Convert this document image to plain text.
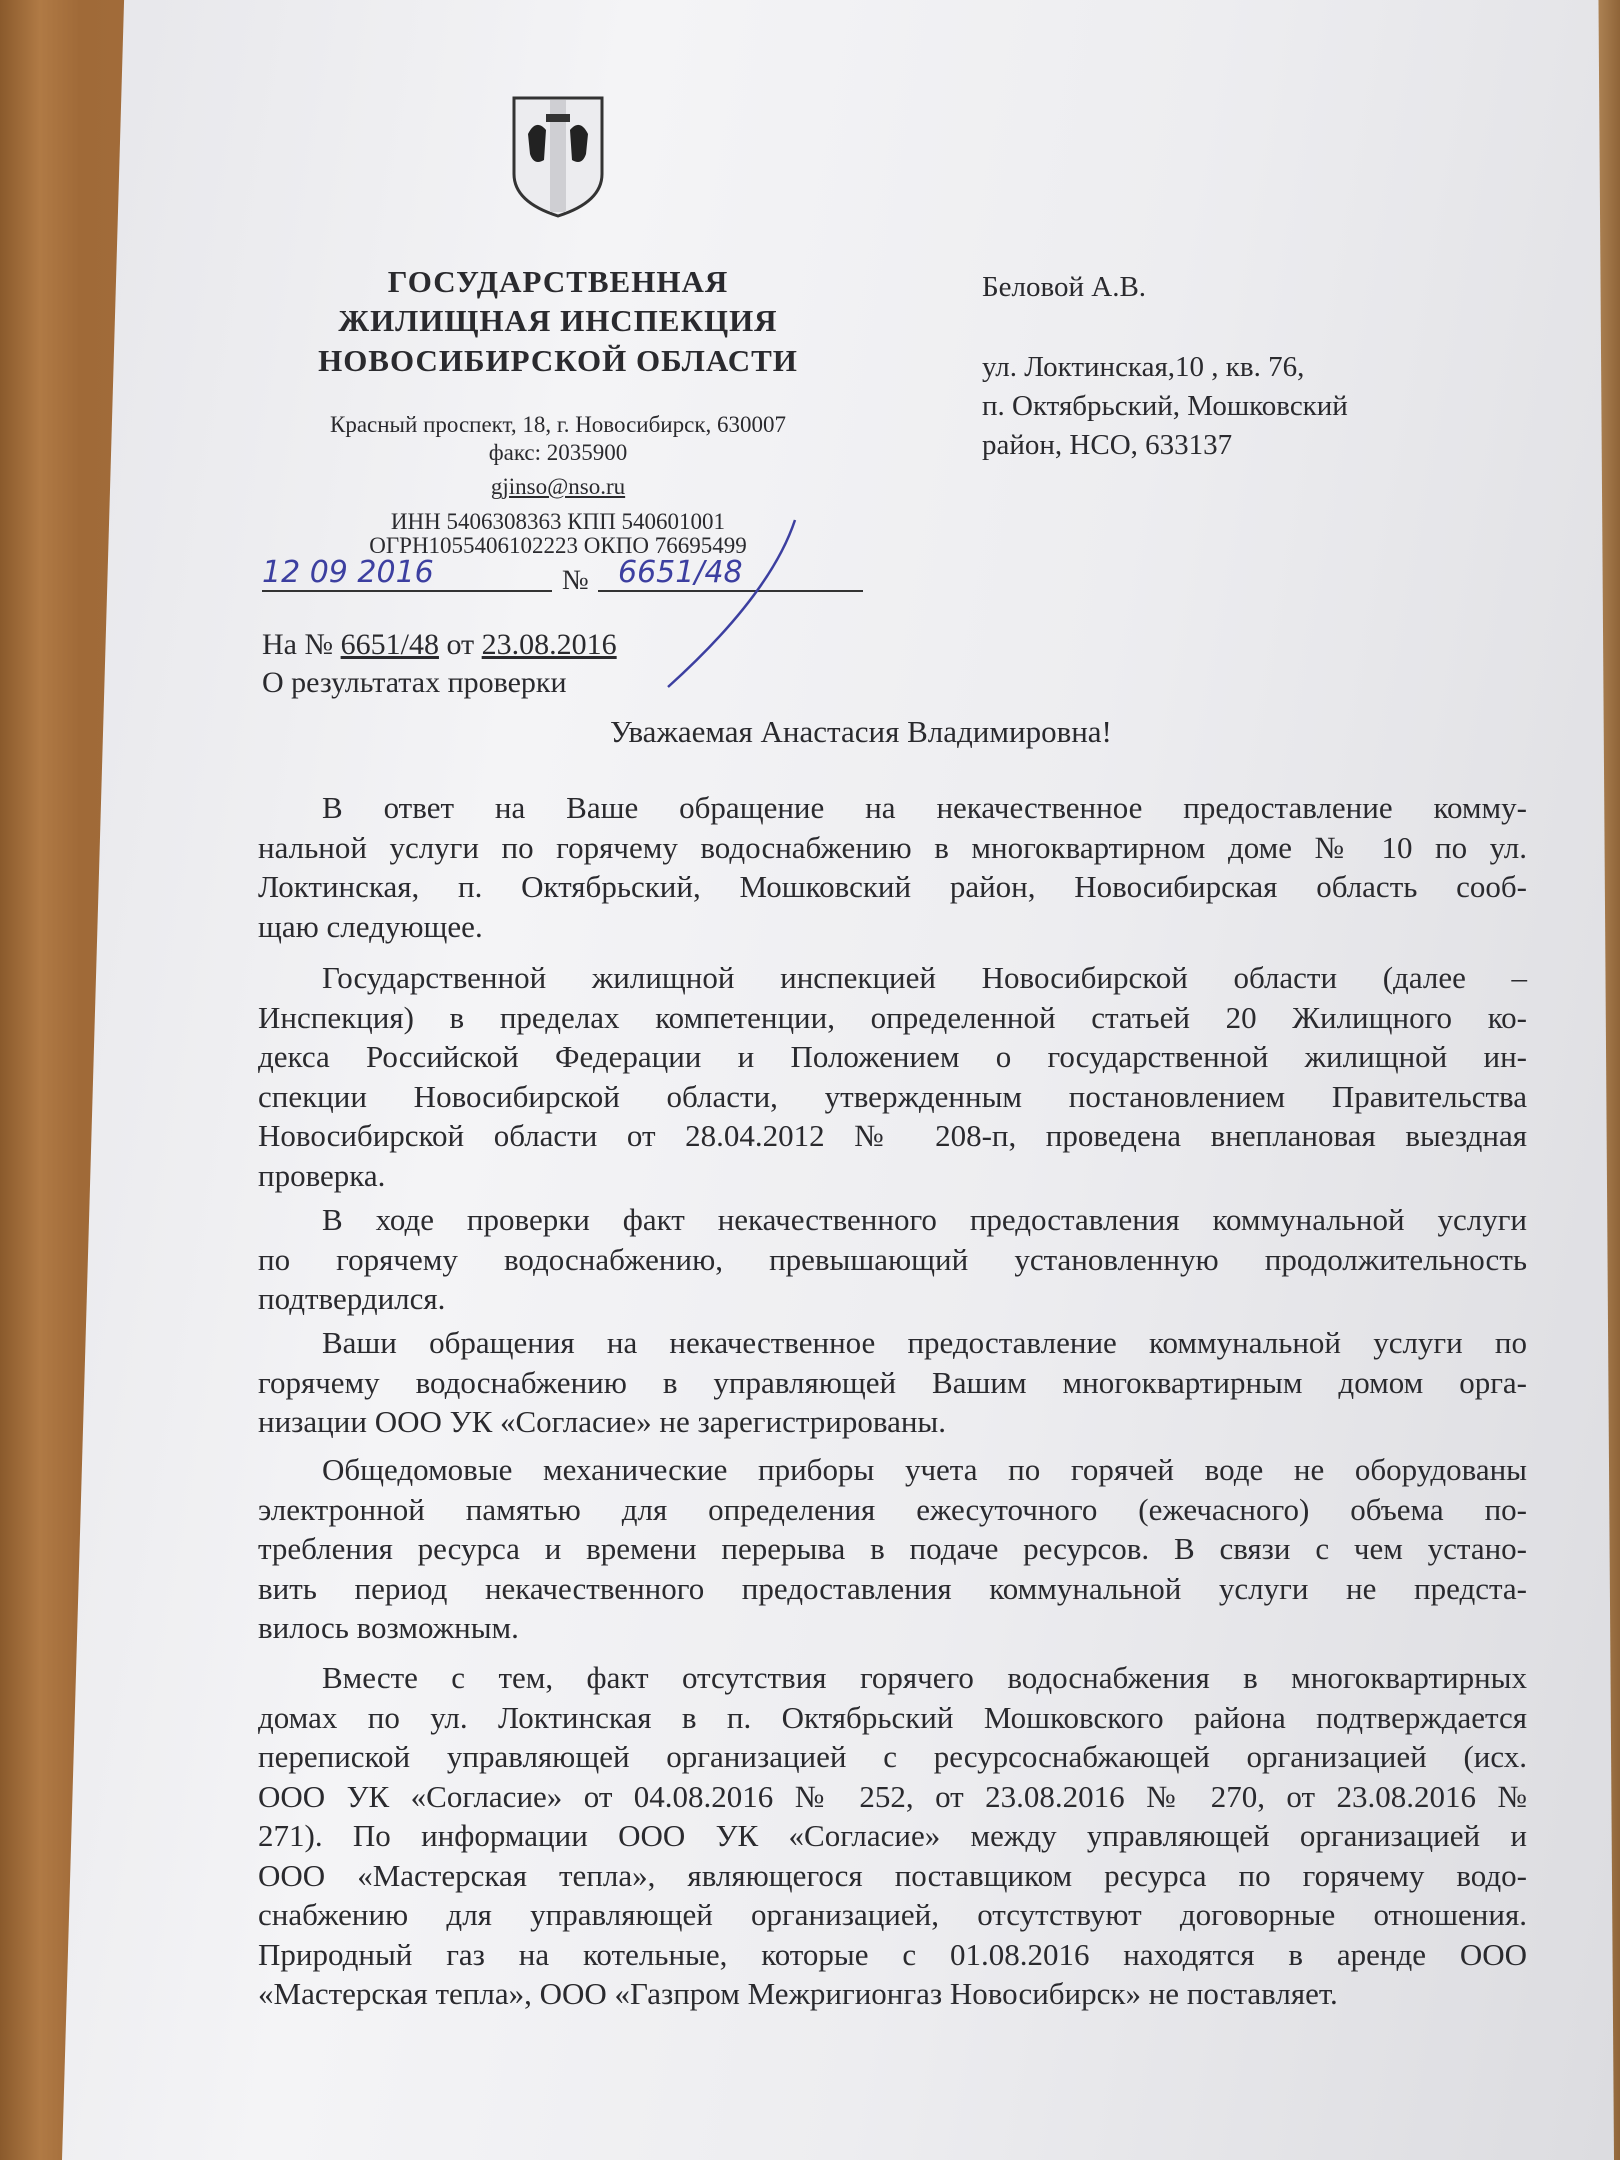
ГОСУДАРСТВЕННАЯ
ЖИЛИЩНАЯ ИНСПЕКЦИЯ
НОВОСИБИРСКОЙ ОБЛАСТИ
Красный проспект, 18, г. Новосибирск, 630007
факс: 2035900
gjinso@nso.ru
ИНН 5406308363 КПП 540601001
ОГРН1055406102223 ОКПО 76695499
12 09 2016	№ 6651/48
На № 6651/48 от 23.08.2016
О результатах проверки
Беловой А.В.
ул. Локтинская,10 , кв. 76,
п. Октябрьский, Мошковский
район, НСО, 633137
Уважаемая Анастасия Владимировна!
В ответ на Ваше обращение на некачественное предоставление комму-
нальной услуги по горячему водоснабжению в многоквартирном доме № 10 по ул.
Локтинская, п. Октябрьский, Мошковский район, Новосибирская область сооб-
щаю следующее.
Государственной жилищной инспекцией Новосибирской области (далее –
Инспекция) в пределах компетенции, определенной статьей 20 Жилищного ко-
декса Российской Федерации и Положением о государственной жилищной ин-
спекции Новосибирской области, утвержденным постановлением Правительства
Новосибирской области от 28.04.2012 № 208-п, проведена внеплановая выездная
проверка.
В ходе проверки факт некачественного предоставления коммунальной услуги
по горячему водоснабжению, превышающий установленную продолжительность
подтвердился.
Ваши обращения на некачественное предоставление коммунальной услуги по
горячему водоснабжению в управляющей Вашим многоквартирным домом орга-
низации ООО УК «Согласие» не зарегистрированы.
Общедомовые механические приборы учета по горячей воде не оборудованы
электронной памятью для определения ежесуточного (ежечасного) объема по-
требления ресурса и времени перерыва в подаче ресурсов. В связи с чем устано-
вить период некачественного предоставления коммунальной услуги не предста-
вилось возможным.
Вместе с тем, факт отсутствия горячего водоснабжения в многоквартирных
домах по ул. Локтинская в п. Октябрьский Мошковского района подтверждается
перепиской управляющей организацией с ресурсоснабжающей организацией (исх.
ООО УК «Согласие» от 04.08.2016 № 252, от 23.08.2016 № 270, от 23.08.2016 №
271). По информации ООО УК «Согласие» между управляющей организацией и
ООО «Мастерская тепла», являющегося поставщиком ресурса по горячему водо-
снабжению для управляющей организацией, отсутствуют договорные отношения.
Природный газ на котельные, которые с 01.08.2016 находятся в аренде ООО
«Мастерская тепла», ООО «Газпром Межригионгаз Новосибирск» не поставляет.
